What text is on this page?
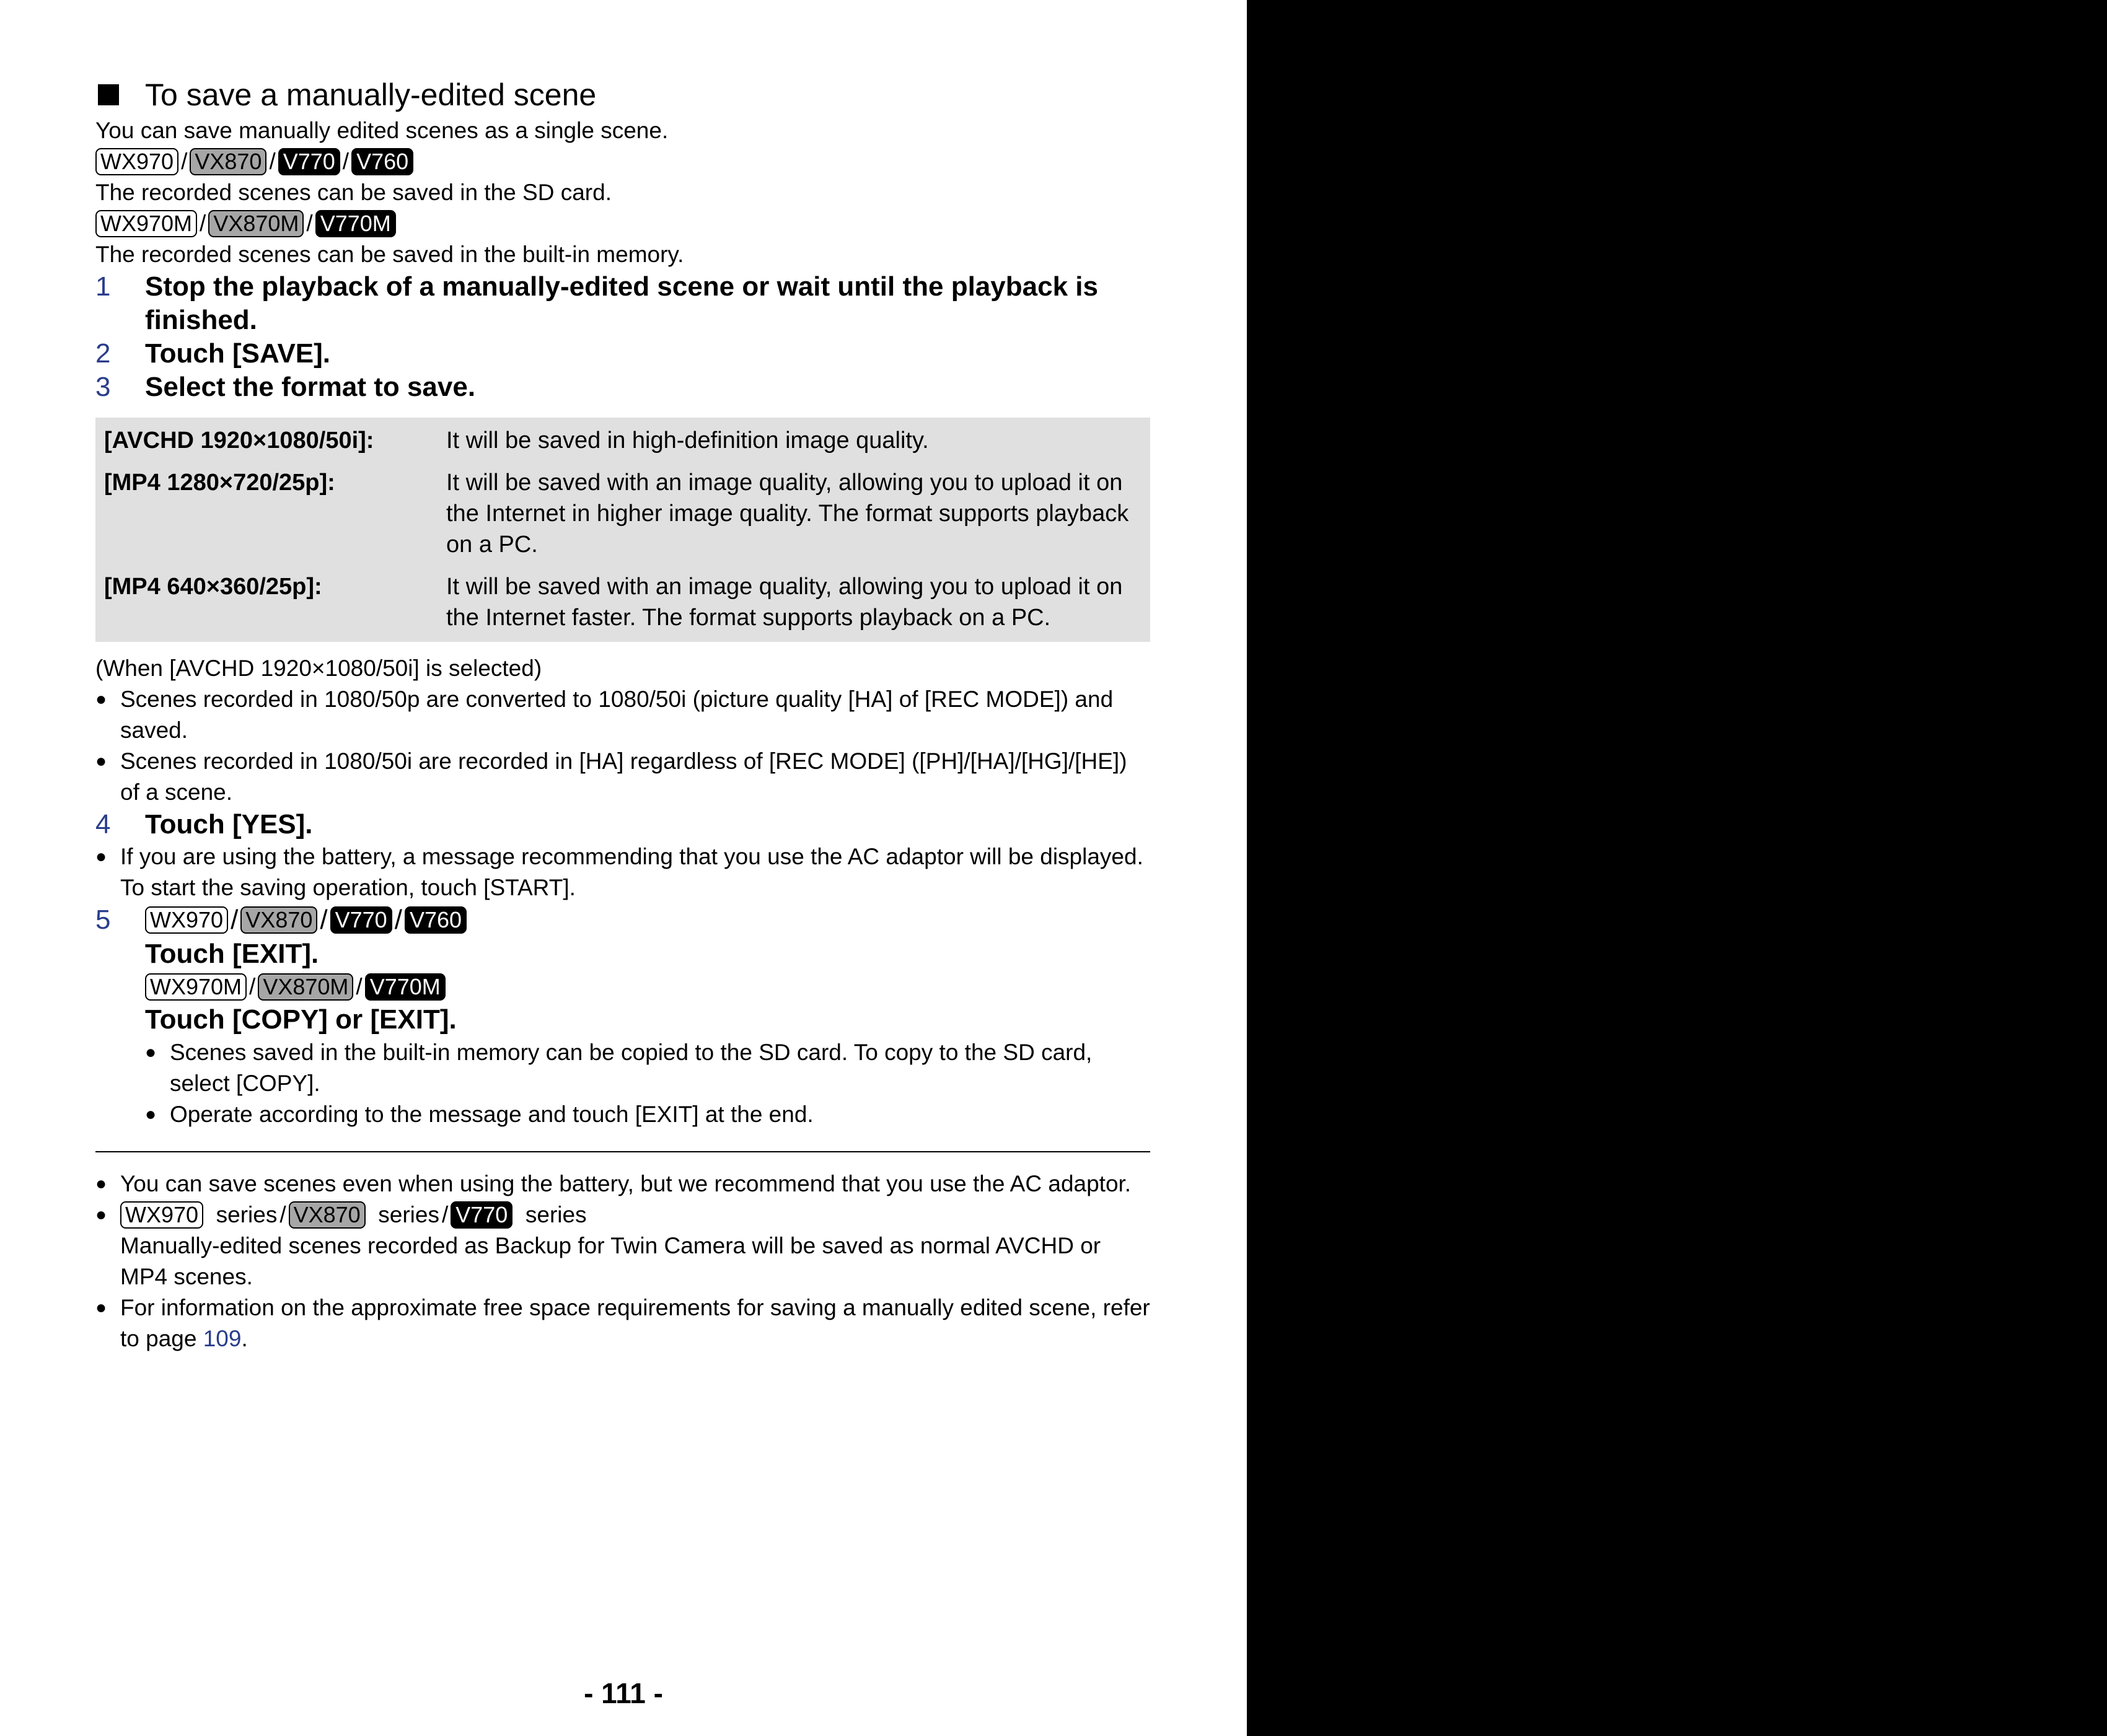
To save a manually-edited scene

You can save manually edited scenes as a single scene.

WX970 / VX870 / V770 / V760

The recorded scenes can be saved in the SD card.

WX970M / VX870M / V770M

The recorded scenes can be saved in the built-in memory.

1	Stop the playback of a manually-edited scene or wait until the playback is finished.
2	Touch [SAVE].
3	Select the format to save.
[AVCHD 1920×1080/50i]:	It will be saved in high-definition image quality.
[MP4 1280×720/25p]:	It will be saved with an image quality, allowing you to upload it on the Internet in higher image quality. The format supports playback on a PC.
[MP4 640×360/25p]:	It will be saved with an image quality, allowing you to upload it on the Internet faster. The format supports playback on a PC.

(When [AVCHD 1920×1080/50i] is selected)

● Scenes recorded in 1080/50p are converted to 1080/50i (picture quality [HA] of [REC MODE]) and saved.
● Scenes recorded in 1080/50i are recorded in [HA] regardless of [REC MODE] ([PH]/[HA]/[HG]/[HE]) of a scene.
4	Touch [YES].
● If you are using the battery, a message recommending that you use the AC adaptor will be displayed. To start the saving operation, touch [START].
5	WX970 / VX870 / V770 / V760
Touch [EXIT].
WX970M / VX870M / V770M
Touch [COPY] or [EXIT].
● Scenes saved in the built-in memory can be copied to the SD card. To copy to the SD card, select [COPY].
● Operate according to the message and touch [EXIT] at the end.
● You can save scenes even when using the battery, but we recommend that you use the AC adaptor.
● WX970
series / VX870
series / V770
series

Manually-edited scenes recorded as Backup for Twin Camera will be saved as normal AVCHD or MP4 scenes.
● For information on the approximate free space requirements for saving a manually edited scene, refer to page 109.
- 111 -
